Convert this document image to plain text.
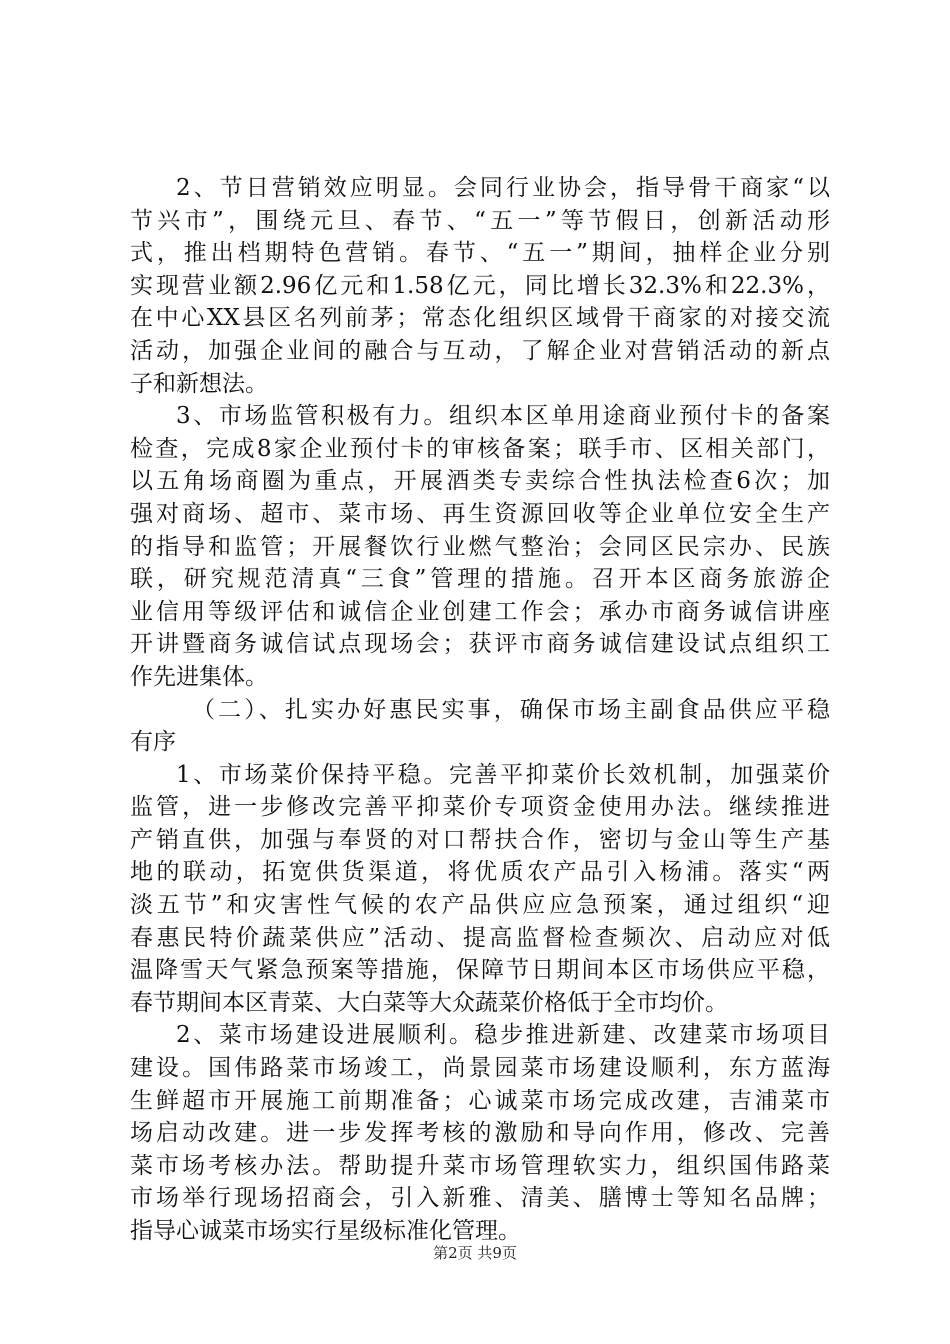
2、节日营销效应明显。会同行业协会，指导骨干商家“以
节兴市”，围绕元旦、春节、“五一”等节假日，创新活动形
式，推出档期特色营销。春节、“五一”期间，抽样企业分别
实现营业额2.96亿元和1.58亿元，同比增长32.3%和22.3%，
在中心XX县区名列前茅；常态化组织区域骨干商家的对接交流
活动，加强企业间的融合与互动，了解企业对营销活动的新点
子和新想法。
3、市场监管积极有力。组织本区单用途商业预付卡的备案
检查，完成8家企业预付卡的审核备案；联手市、区相关部门，
以五角场商圈为重点，开展酒类专卖综合性执法检查6次；加
强对商场、超市、菜市场、再生资源回收等企业单位安全生产
的指导和监管；开展餐饮行业燃气整治；会同区民宗办、民族
联，研究规范清真“三食”管理的措施。召开本区商务旅游企
业信用等级评估和诚信企业创建工作会；承办市商务诚信讲座
开讲暨商务诚信试点现场会；获评市商务诚信建设试点组织工
作先进集体。
（二）、扎实办好惠民实事，确保市场主副食品供应平稳
有序
1、市场菜价保持平稳。完善平抑菜价长效机制，加强菜价
监管，进一步修改完善平抑菜价专项资金使用办法。继续推进
产销直供，加强与奉贤的对口帮扶合作，密切与金山等生产基
地的联动，拓宽供货渠道，将优质农产品引入杨浦。落实“两
淡五节”和灾害性气候的农产品供应应急预案，通过组织“迎
春惠民特价蔬菜供应”活动、提高监督检查频次、启动应对低
温降雪天气紧急预案等措施，保障节日期间本区市场供应平稳，
春节期间本区青菜、大白菜等大众蔬菜价格低于全市均价。
2、菜市场建设进展顺利。稳步推进新建、改建菜市场项目
建设。国伟路菜市场竣工，尚景园菜市场建设顺利，东方蓝海
生鲜超市开展施工前期准备；心诚菜市场完成改建，吉浦菜市
场启动改建。进一步发挥考核的激励和导向作用，修改、完善
菜市场考核办法。帮助提升菜市场管理软实力，组织国伟路菜
市场举行现场招商会，引入新雅、清美、膳博士等知名品牌；
指导心诚菜市场实行星级标准化管理。
第2页 共9页
